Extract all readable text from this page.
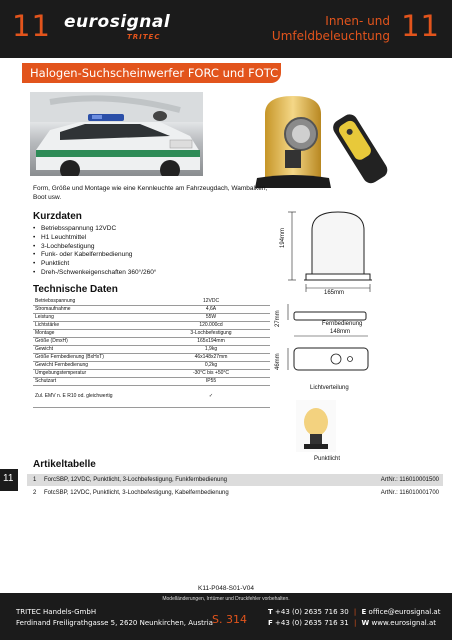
11 eurosignal
TRITEC
Innen- und
Umfeldbeleuchtung 11
Halogen-Suchscheinwerfer FORC und FOTC
Form, Größe und Montage wie eine Kennleuchte am Fahrzeugdach, Wambalken, Boot usw.
Kurzdaten
• Betriebsspannung 12VDC
• H1 Leuchtmittel
• 3-Lochbefestigung
• Funk- oder Kabelfernbedienung
• Punktlicht
• Dreh-/Schwenkeigenschaften 360°/260°
Technische Daten
Betriebsspannung	12VDC
Stromaufnahme	4,6A
Leistung	55W
Lichtstärke	120.000cd
Montage	3-Lochbefestigung
Größe (DmxH)	165x194mm
Gewicht	1,9kg
Größe Fernbedienung (BxHxT)	46x148x27mm
Gewicht Fernbedienung	0,2kg
Umgebungstemperatur	-30°C bis +50°C
Schutzart	IP55
Zul. EMV n. E R10 od. gleichwertig	✓
194mm
165mm
27mm	Fernbedienung
148mm
46mm
Lichtverteilung
Punktlicht
11
Artikeltabelle
1 ForcSBP, 12VDC, Punktlicht, 3-Lochbefestigung, Funkfernbedienung	ArtNr.: 116010001500
2 FotcSBP, 12VDC, Punktlicht, 3-Lochbefestigung, Kabelfernbedienung	ArtNr.: 116010001700
K11-P048-S01-V04
Modelländerungen, Irrtümer und Druckfehler vorbehalten.
TRITEC Handels-GmbH
Ferdinand Freiligrathgasse 5, 2620 Neunkirchen, Austria S. 314
T +43 (0) 2635 716 30 | E office@eurosignal.at
F +43 (0) 2635 716 31 | W www.eurosignal.at
